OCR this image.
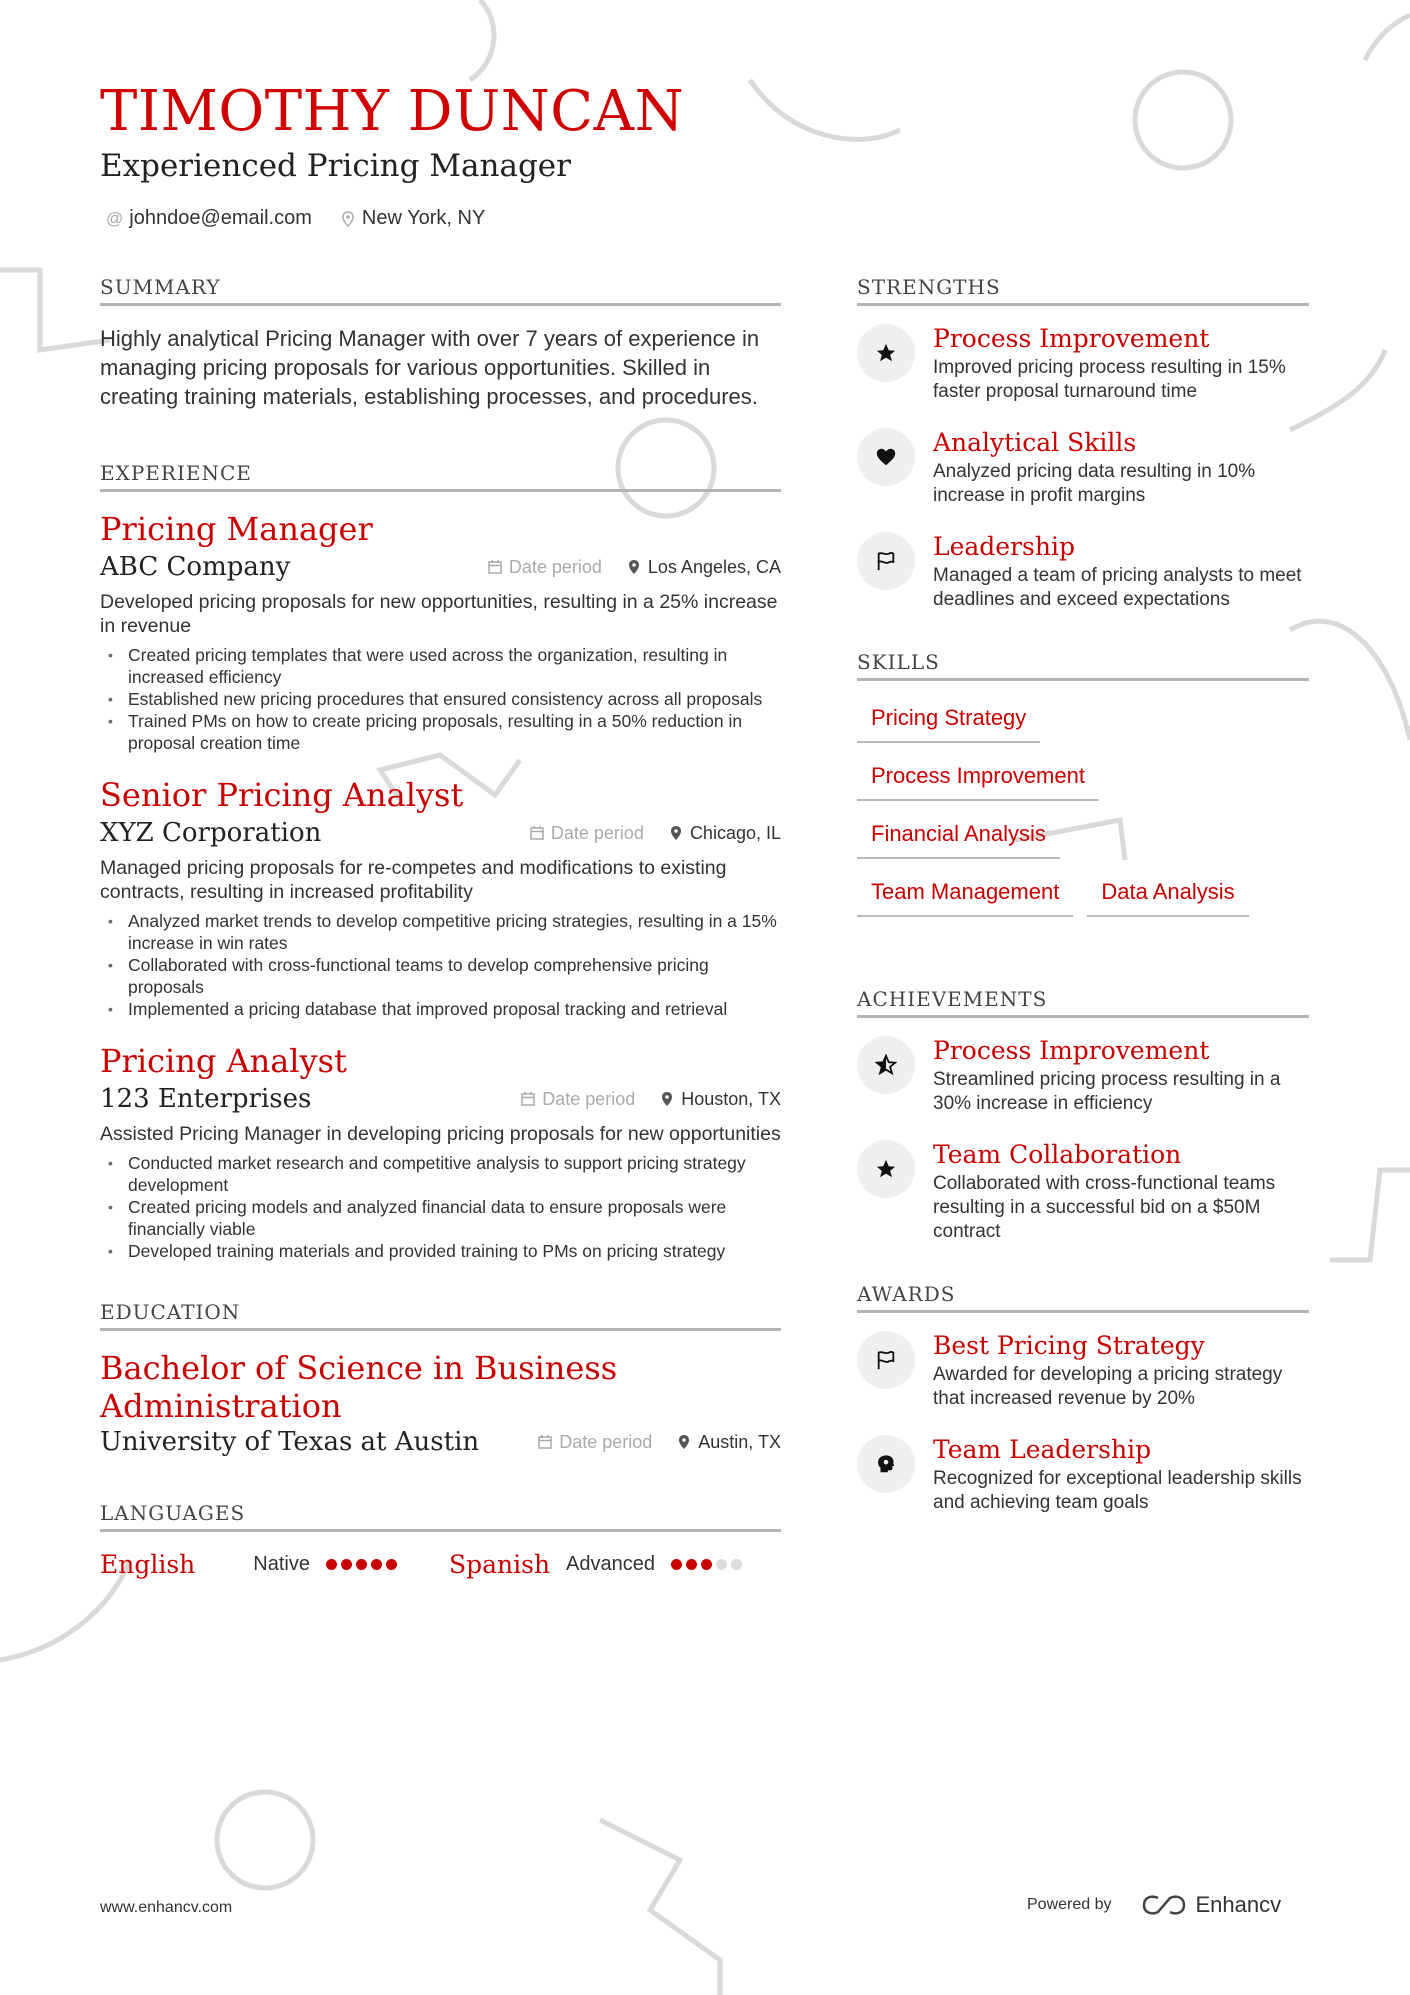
TIMOTHY DUNCAN
Experienced Pricing Manager
@ johndoe@email.com	New York, NY
SUMMARY
Highly analytical Pricing Manager with over 7 years of experience in managing pricing proposals for various opportunities. Skilled in creating training materials, establishing processes, and procedures.
EXPERIENCE
Pricing Manager
ABC Company	Date period	Los Angeles, CA
Developed pricing proposals for new opportunities, resulting in a 25% increase in revenue
• Created pricing templates that were used across the organization, resulting in increased efficiency
• Established new pricing procedures that ensured consistency across all proposals
• Trained PMs on how to create pricing proposals, resulting in a 50% reduction in proposal creation time
Senior Pricing Analyst
XYZ Corporation	Date period	Chicago, IL
Managed pricing proposals for re-competes and modifications to existing contracts, resulting in increased profitability
• Analyzed market trends to develop competitive pricing strategies, resulting in a 15% increase in win rates
• Collaborated with cross-functional teams to develop comprehensive pricing proposals
• Implemented a pricing database that improved proposal tracking and retrieval
Pricing Analyst
123 Enterprises	Date period	Houston, TX
Assisted Pricing Manager in developing pricing proposals for new opportunities
• Conducted market research and competitive analysis to support pricing strategy development
• Created pricing models and analyzed financial data to ensure proposals were financially viable
• Developed training materials and provided training to PMs on pricing strategy
EDUCATION
Bachelor of Science in Business Administration
University of Texas at Austin	Date period	Austin, TX
LANGUAGES
English	Native	Spanish Advanced
STRENGTHS
Process Improvement
Improved pricing process resulting in 15% faster proposal turnaround time
Analytical Skills
Analyzed pricing data resulting in 10% increase in profit margins
Leadership
Managed a team of pricing analysts to meet deadlines and exceed expectations
SKILLS
Pricing Strategy
Process Improvement
Financial Analysis
Team Management	Data Analysis
ACHIEVEMENTS
Process Improvement
Streamlined pricing process resulting in a 30% increase in efficiency
Team Collaboration
Collaborated with cross-functional teams resulting in a successful bid on a $50M contract
AWARDS
Best Pricing Strategy
Awarded for developing a pricing strategy that increased revenue by 20%
Team Leadership
Recognized for exceptional leadership skills and achieving team goals
www.enhancv.com	Powered by	Enhancv
